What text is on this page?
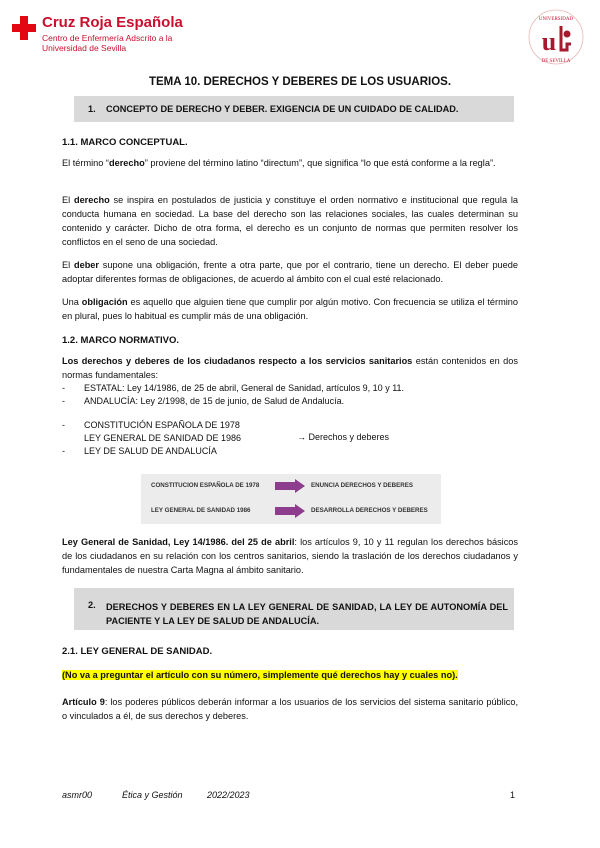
Cruz Roja Española
Centro de Enfermería Adscrito a la Universidad de Sevilla
UNIVERSIDAD
DE SEVILLA
u
TEMA 10. DERECHOS Y DEBERES DE LOS USUARIOS.
1. CONCEPTO DE DERECHO Y DEBER. EXIGENCIA DE UN CUIDADO DE CALIDAD.
1.1. MARCO CONCEPTUAL.
El término “derecho” proviene del término latino “directum”, que significa “lo que está conforme a la regla”.
El derecho se inspira en postulados de justicia y constituye el orden normativo e institucional que regula la conducta humana en sociedad. La base del derecho son las relaciones sociales, las cuales determinan su contenido y carácter. Dicho de otra forma, el derecho es un conjunto de normas que permiten resolver los conflictos en el seno de una sociedad.
El deber supone una obligación, frente a otra parte, que por el contrario, tiene un derecho. El deber puede adoptar diferentes formas de obligaciones, de acuerdo al ámbito con el cual esté relacionado.
Una obligación es aquello que alguien tiene que cumplir por algún motivo. Con frecuencia se utiliza el término en plural, pues lo habitual es cumplir más de una obligación.
1.2. MARCO NORMATIVO.
Los derechos y deberes de los ciudadanos respecto a los servicios sanitarios están contenidos en dos normas fundamentales:
- ESTATAL: Ley 14/1986, de 25 de abril, General de Sanidad, artículos 9, 10 y 11.
- ANDALUCÍA: Ley 2/1998, de 15 de junio, de Salud de Andalucía.
- CONSTITUCIÓN ESPAÑOLA DE 1978
LEY GENERAL DE SANIDAD DE 1986
- LEY DE SALUD DE ANDALUCÍA
→ Derechos y deberes
CONSTITUCION ESPAÑOLA DE 1978	ENUNCIA DERECHOS Y DEBERES
LEY GENERAL DE SANIDAD 1986	DESARROLLA DERECHOS Y DEBERES
Ley General de Sanidad, Ley 14/1986. del 25 de abril: los artículos 9, 10 y 11 regulan los derechos básicos de los ciudadanos en su relación con los centros sanitarios, siendo la traslación de los derechos ciudadanos y fundamentales de nuestra Carta Magna al ámbito sanitario.
2. DERECHOS Y DEBERES EN LA LEY GENERAL DE SANIDAD, LA LEY DE AUTONOMÍA DEL PACIENTE Y LA LEY DE SALUD DE ANDALUCÍA.
2.1. LEY GENERAL DE SANIDAD.
(No va a preguntar el artículo con su número, simplemente qué derechos hay y cuales no).
Artículo 9: los poderes públicos deberán informar a los usuarios de los servicios del sistema sanitario público, o vinculados a él, de sus derechos y deberes.
asmr00	Ética y Gestión	2022/2023	1
